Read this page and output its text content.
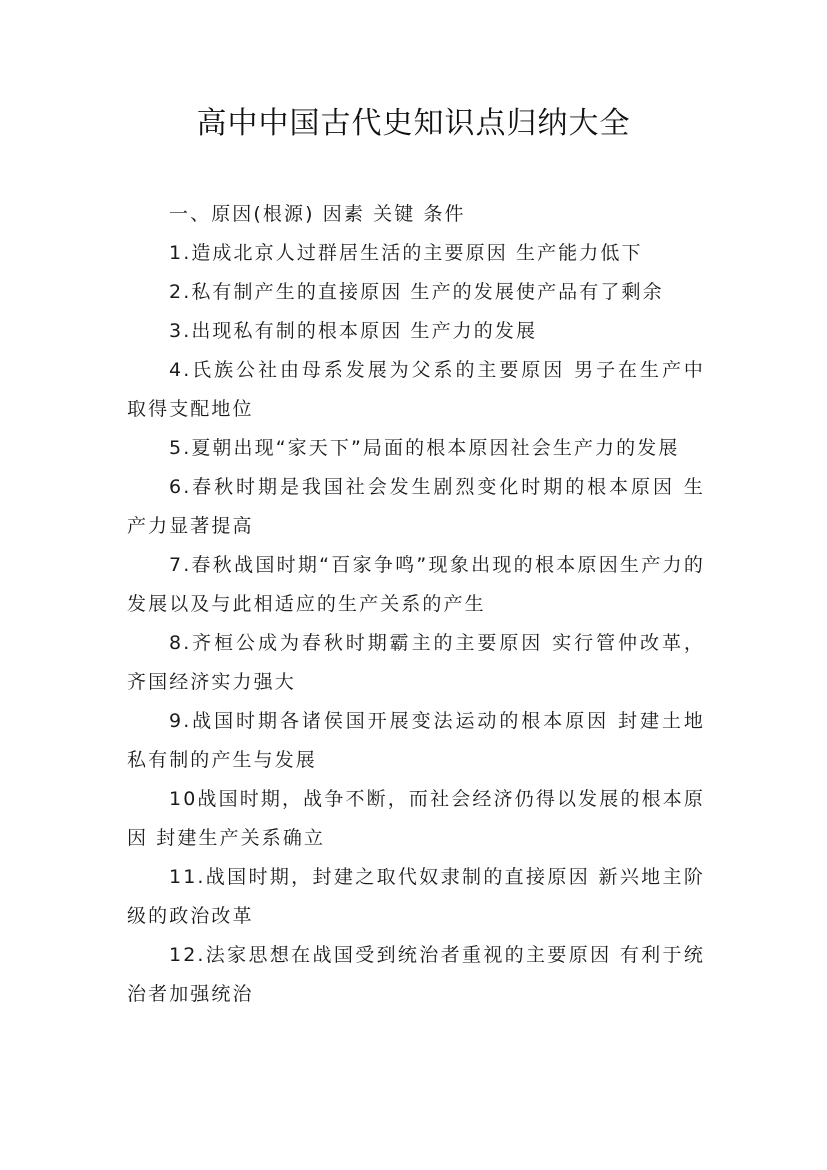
高中中国古代史知识点归纳大全

一、原因(根源) 因素 关键 条件

1.造成北京人过群居生活的主要原因 生产能力低下

2.私有制产生的直接原因 生产的发展使产品有了剩余

3.出现私有制的根本原因 生产力的发展

4.氏族公社由母系发展为父系的主要原因 男子在生产中取得支配地位

5.夏朝出现“家天下”局面的根本原因社会生产力的发展

6.春秋时期是我国社会发生剧烈变化时期的根本原因 生产力显著提高

7.春秋战国时期“百家争鸣”现象出现的根本原因生产力的发展以及与此相适应的生产关系的产生

8.齐桓公成为春秋时期霸主的主要原因 实行管仲改革，齐国经济实力强大

9.战国时期各诸侯国开展变法运动的根本原因 封建土地私有制的产生与发展

10战国时期，战争不断，而社会经济仍得以发展的根本原因 封建生产关系确立

11.战国时期，封建之取代奴隶制的直接原因 新兴地主阶级的政治改革

12.法家思想在战国受到统治者重视的主要原因 有利于统治者加强统治
